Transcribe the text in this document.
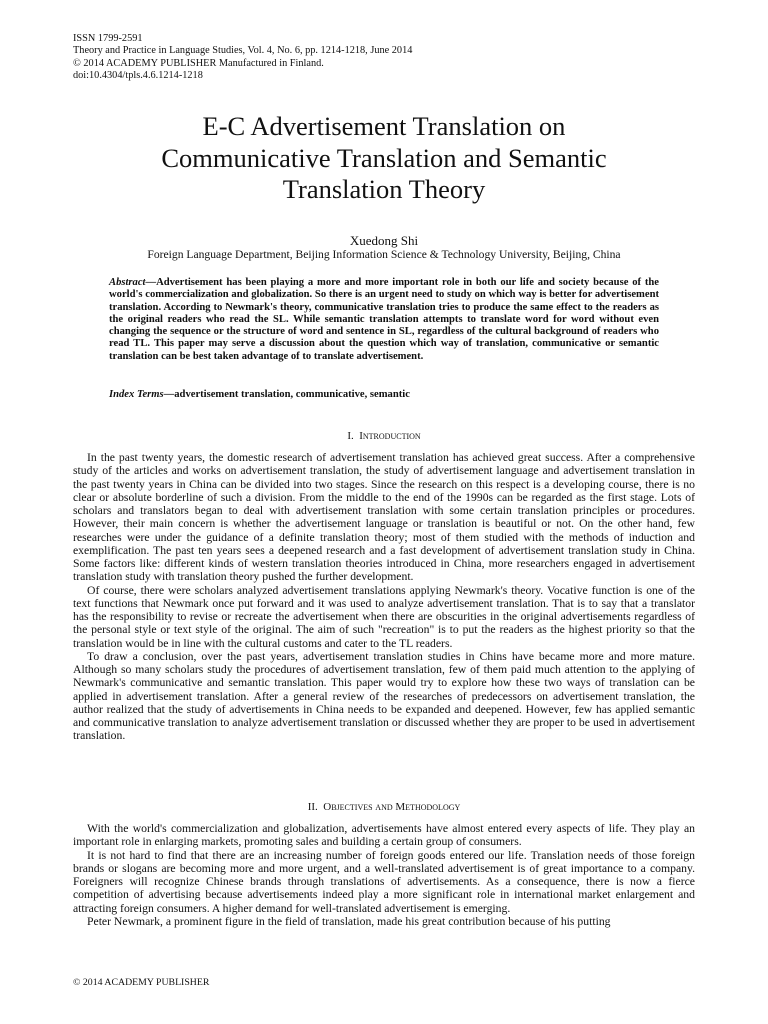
ISSN 1799-2591
Theory and Practice in Language Studies, Vol. 4, No. 6, pp. 1214-1218, June 2014
© 2014 ACADEMY PUBLISHER Manufactured in Finland.
doi:10.4304/tpls.4.6.1214-1218
E-C Advertisement Translation on
Communicative Translation and Semantic
Translation Theory
Xuedong Shi
Foreign Language Department, Beijing Information Science & Technology University, Beijing, China
Abstract—Advertisement has been playing a more and more important role in both our life and society because of the world's commercialization and globalization. So there is an urgent need to study on which way is better for advertisement translation. According to Newmark's theory, communicative translation tries to produce the same effect to the readers as the original readers who read the SL. While semantic translation attempts to translate word for word without even changing the sequence or the structure of word and sentence in SL, regardless of the cultural background of readers who read TL. This paper may serve a discussion about the question which way of translation, communicative or semantic translation can be best taken advantage of to translate advertisement.
Index Terms—advertisement translation, communicative, semantic
I. Introduction

In the past twenty years, the domestic research of advertisement translation has achieved great success. After a comprehensive study of the articles and works on advertisement translation, the study of advertisement language and advertisement translation in the past twenty years in China can be divided into two stages. Since the research on this respect is a developing course, there is no clear or absolute borderline of such a division. From the middle to the end of the 1990s can be regarded as the first stage. Lots of scholars and translators began to deal with advertisement translation with some certain translation principles or procedures. However, their main concern is whether the advertisement language or translation is beautiful or not. On the other hand, few researches were under the guidance of a definite translation theory; most of them studied with the methods of induction and exemplification. The past ten years sees a deepened research and a fast development of advertisement translation study in China. Some factors like: different kinds of western translation theories introduced in China, more researchers engaged in advertisement translation study with translation theory pushed the further development.

Of course, there were scholars analyzed advertisement translations applying Newmark's theory. Vocative function is one of the text functions that Newmark once put forward and it was used to analyze advertisement translation. That is to say that a translator has the responsibility to revise or recreate the advertisement when there are obscurities in the original advertisements regardless of the personal style or text style of the original. The aim of such "recreation" is to put the readers as the highest priority so that the translation would be in line with the cultural customs and cater to the TL readers.

To draw a conclusion, over the past years, advertisement translation studies in Chins have became more and more mature. Although so many scholars study the procedures of advertisement translation, few of them paid much attention to the applying of Newmark's communicative and semantic translation. This paper would try to explore how these two ways of translation can be applied in advertisement translation. After a general review of the researches of predecessors on advertisement translation, the author realized that the study of advertisements in China needs to be expanded and deepened. However, few has applied semantic and communicative translation to analyze advertisement translation or discussed whether they are proper to be used in advertisement translation.

II. Objectives and Methodology

With the world's commercialization and globalization, advertisements have almost entered every aspects of life. They play an important role in enlarging markets, promoting sales and building a certain group of consumers.

It is not hard to find that there are an increasing number of foreign goods entered our life. Translation needs of those foreign brands or slogans are becoming more and more urgent, and a well-translated advertisement is of great importance to a company. Foreigners will recognize Chinese brands through translations of advertisements. As a consequence, there is now a fierce competition of advertising because advertisements indeed play a more significant role in international market enlargement and attracting foreign consumers. A higher demand for well-translated advertisement is emerging.

Peter Newmark, a prominent figure in the field of translation, made his great contribution because of his putting

© 2014 ACADEMY PUBLISHER
